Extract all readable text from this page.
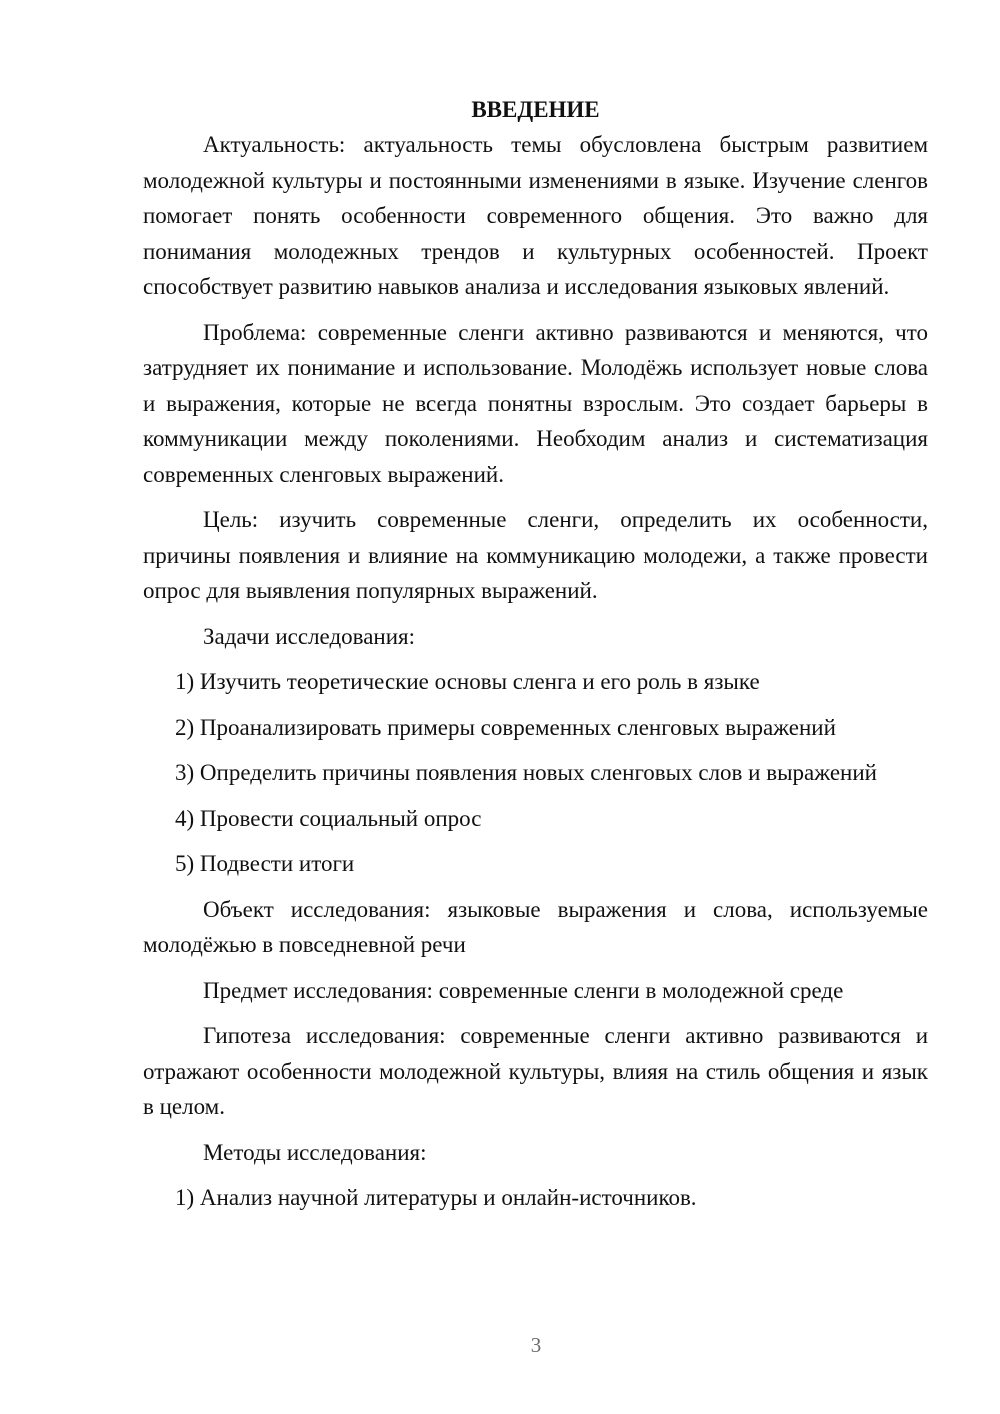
ВВЕДЕНИЕ

Актуальность: актуальность темы обусловлена быстрым развитием молодежной культуры и постоянными изменениями в языке. Изучение сленгов помогает понять особенности современного общения. Это важно для понимания молодежных трендов и культурных особенностей. Проект способствует развитию навыков анализа и исследования языковых явлений.

Проблема: современные сленги активно развиваются и меняются, что затрудняет их понимание и использование. Молодёжь использует новые слова и выражения, которые не всегда понятны взрослым. Это создает барьеры в коммуникации между поколениями. Необходим анализ и систематизация современных сленговых выражений.

Цель: изучить современные сленги, определить их особенности, причины появления и влияние на коммуникацию молодежи, а также провести опрос для выявления популярных выражений.

Задачи исследования:

1) Изучить теоретические основы сленга и его роль в языке

2) Проанализировать примеры современных сленговых выражений

3) Определить причины появления новых сленговых слов и выражений

4) Провести социальный опрос

5) Подвести итоги

Объект исследования: языковые выражения и слова, используемые молодёжью в повседневной речи

Предмет исследования: современные сленги в молодежной среде

Гипотеза исследования: современные сленги активно развиваются и отражают особенности молодежной культуры, влияя на стиль общения и язык в целом.

Методы исследования:

1) Анализ научной литературы и онлайн-источников.

3
